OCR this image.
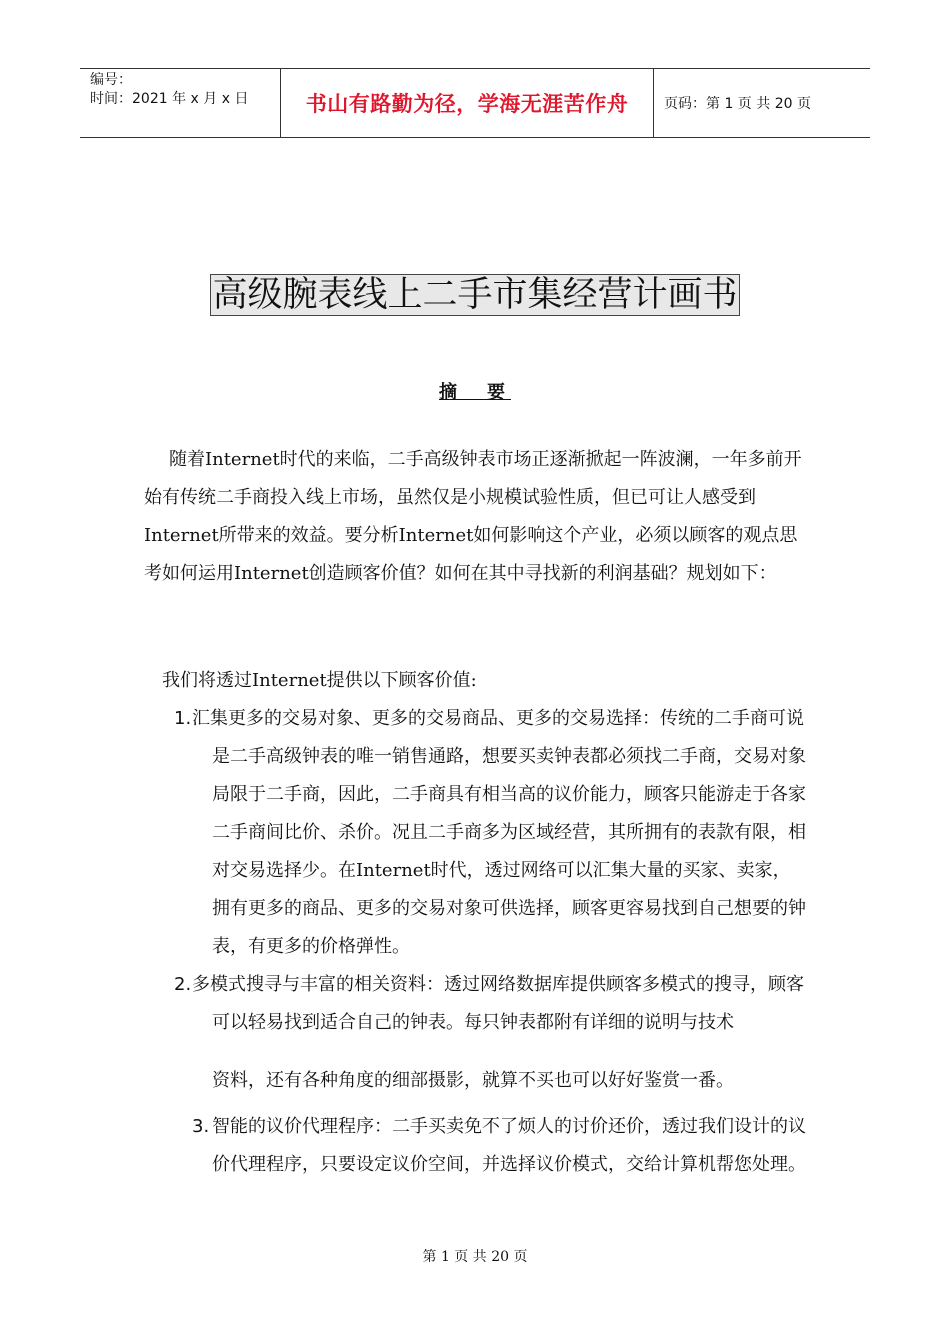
编号：
时间：2021 年 x 月 x 日	书山有路勤为径，学海无涯苦作舟	页码：第 1 页 共 20 页
高级腕表线上二手市集经营计画书
摘　要

随着Internet时代的来临，二手高级钟表市场正逐渐掀起一阵波澜，一年多前开始有传统二手商投入线上市场，虽然仅是小规模试验性质，但已可让人感受到Internet所带来的效益。要分析Internet如何影响这个产业，必须以顾客的观点思考如何运用Internet创造顾客价值？如何在其中寻找新的利润基础？规划如下：

我们将透过Internet提供以下顾客价值:

1. 汇集更多的交易对象、更多的交易商品、更多的交易选择：传统的二手商可说是二手高级钟表的唯一销售通路，想要买卖钟表都必须找二手商，交易对象局限于二手商，因此，二手商具有相当高的议价能力，顾客只能游走于各家二手商间比价、杀价。况且二手商多为区域经营，其所拥有的表款有限，相对交易选择少。在Internet时代，透过网络可以汇集大量的买家、卖家，拥有更多的商品、更多的交易对象可供选择，顾客更容易找到自己想要的钟表，有更多的价格弹性。
2. 多模式搜寻与丰富的相关资料：透过网络数据库提供顾客多模式的搜寻，顾客可以轻易找到适合自己的钟表。每只钟表都附有详细的说明与技术
资料，还有各种角度的细部摄影，就算不买也可以好好鉴赏一番。
3. 智能的议价代理程序：二手买卖免不了烦人的讨价还价，透过我们设计的议价代理程序，只要设定议价空间，并选择议价模式，交给计算机帮您处理。
第 1 页 共 20 页
